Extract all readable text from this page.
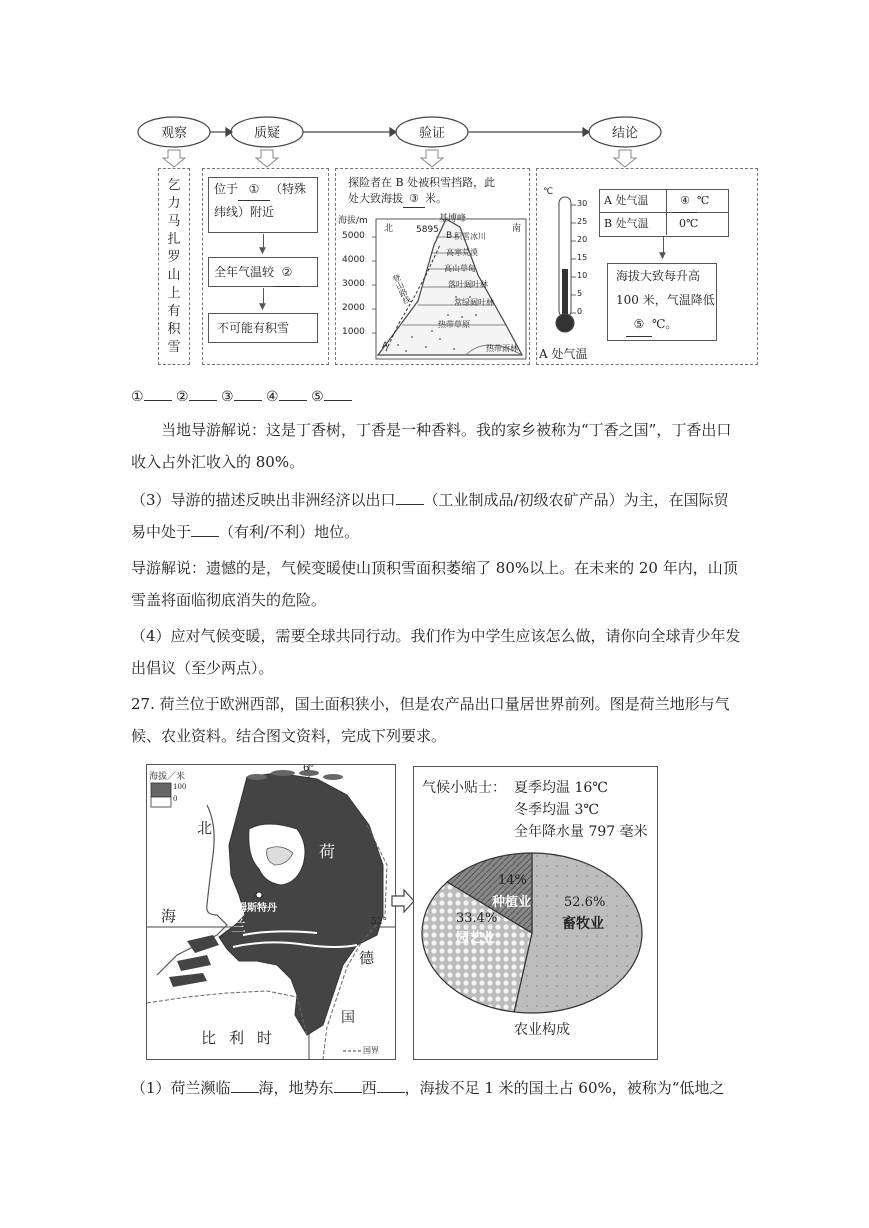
观察	质疑	验证	结论
乞
力
马
扎
罗
山
上
有
积
雪
位于 ① （特殊
纬线）附近
▼
全年气温较 ②
▼
不可能有积雪
探险者在 B 处被积雪挡路，此
处大致海拔 ③ 米。
海拔/m
北	南
基博峰
5895
B
A
5000
4000
3000
2000
1000
积雪冰川
高寒荒漠
高山草甸
落叶阔叶林
常绿阔叶林
热带草原
热带雨林
登山路线
℃
30
25
20
15
10
5
0
A 处气温
A 处气温	④ ℃
B 处气温	0℃
▼
海拔大致每升高
100 米，气温降低
⑤ ℃。
① ② ③ ④ ⑤
当地导游解说：这是丁香树，丁香是一种香料。我的家乡被称为“丁香之国”，丁香出口收入占外汇收入的 80%。
（3）导游的描述反映出非洲经济以出口 （工业制成品/初级农矿产品）为主，在国际贸易中处于 （有利/不利）地位。
导游解说：遗憾的是，气候变暖使山顶积雪面积萎缩了 80%以上。在未来的 20 年内，山顶雪盖将面临彻底消失的危险。
（4）应对气候变暖，需要全球共同行动。我们作为中学生应该怎么做，请你向全球青少年发出倡议（至少两点）。
27. 荷兰位于欧洲西部，国土面积狭小，但是农产品出口量居世界前列。图是荷兰地形与气候、农业资料。结合图文资料，完成下列要求。
海拔／米
100
0
6°
52°
北
海
荷
兰
德
国
比 利 时
阿姆斯特丹
国界
气候小贴士： 夏季均温 16℃
冬季均温 3℃
全年降水量 797 毫米
52.6%
畜牧业
33.4%
园艺业
14%
种植业
农业构成
（1）荷兰濒临 海，地势东 西 ，海拔不足 1 米的国土占 60%，被称为“低地之
